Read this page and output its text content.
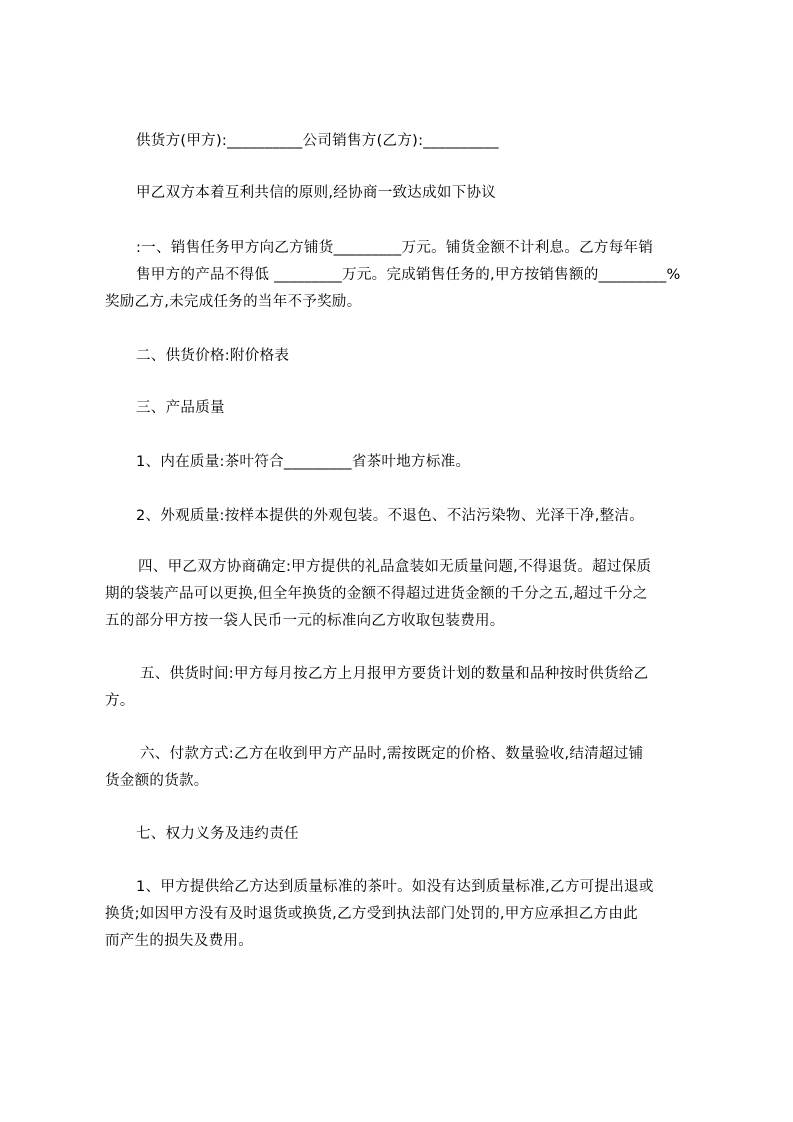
供货方(甲方):__________公司销售方(乙方):__________
甲乙双方本着互利共信的原则,经协商一致达成如下协议
:一、销售任务甲方向乙方铺货_________万元。铺货金额不计利息。乙方每年销
售甲方的产品不得低 _________万元。完成销售任务的,甲方按销售额的_________%
奖励乙方,未完成任务的当年不予奖励。
二、供货价格:附价格表
三、产品质量
1、内在质量:茶叶符合_________省茶叶地方标准。
2、外观质量:按样本提供的外观包装。不退色、不沾污染物、光泽干净,整洁。
四、甲乙双方协商确定:甲方提供的礼品盒装如无质量问题,不得退货。超过保质
期的袋装产品可以更换,但全年换货的金额不得超过进货金额的千分之五,超过千分之
五的部分甲方按一袋人民币一元的标准向乙方收取包装费用。
五、供货时间:甲方每月按乙方上月报甲方要货计划的数量和品种按时供货给乙
方。
六、付款方式:乙方在收到甲方产品时,需按既定的价格、数量验收,结清超过铺
货金额的货款。
七、权力义务及违约责任
1、甲方提供给乙方达到质量标准的茶叶。如没有达到质量标准,乙方可提出退或
换货;如因甲方没有及时退货或换货,乙方受到执法部门处罚的,甲方应承担乙方由此
而产生的损失及费用。
